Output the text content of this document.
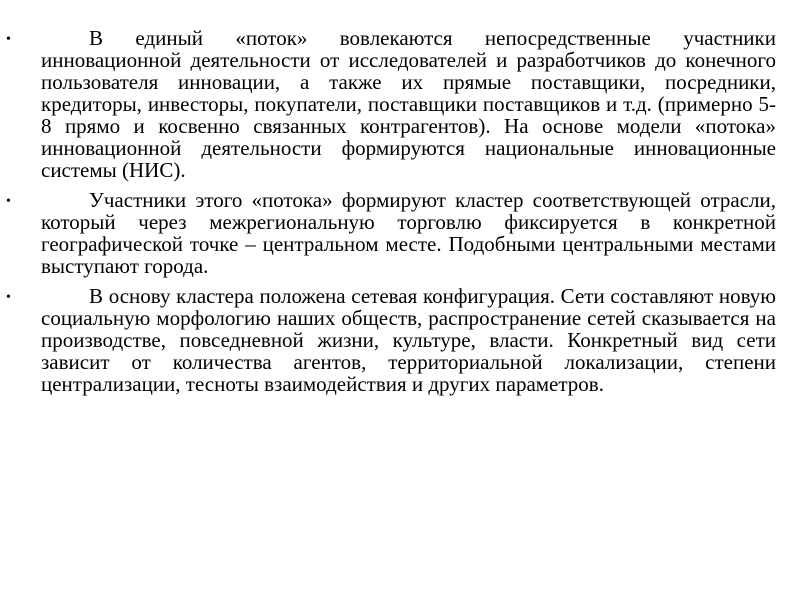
•	В единый «поток» вовлекаются непосредственные участники инновационной деятельности от исследователей и разработчиков до конечного пользователя инновации, а также их прямые поставщики, посредники, кредиторы, инвесторы, покупатели, поставщики поставщиков и т.д. (примерно 5-8 прямо и косвенно связанных контрагентов). На основе модели «потока» инновационной деятельности формируются национальные инновационные системы (НИС).
•	Участники этого «потока» формируют кластер соответствующей отрасли, который через межрегиональную торговлю фиксируется в конкретной географической точке – центральном месте. Подобными центральными местами выступают города.
•	В основу кластера положена сетевая конфигурация. Сети составляют новую социальную морфологию наших обществ, распространение сетей сказывается на производстве, повседневной жизни, культуре, власти. Конкретный вид сети зависит от количества агентов, территориальной локализации, степени централизации, тесноты взаимодействия и других параметров.
